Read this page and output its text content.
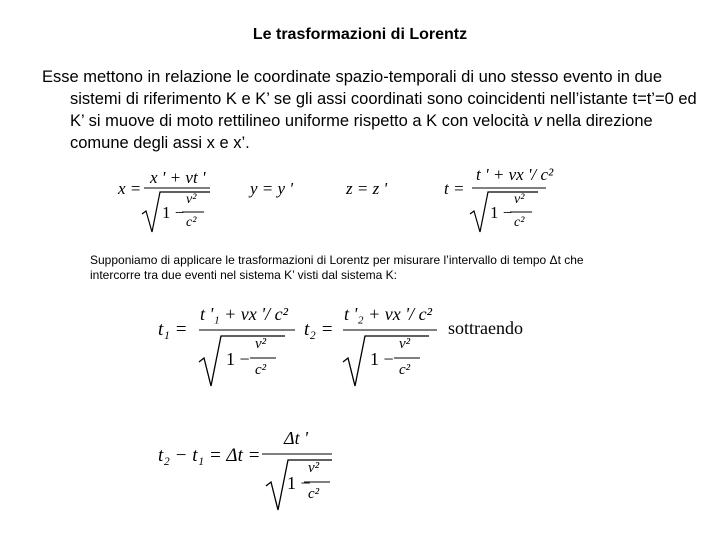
Le trasformazioni di Lorentz
Esse mettono in relazione le coordinate spazio-temporali di uno stesso evento in due sistemi di riferimento K e K’ se gli assi coordinati sono coincidenti nell’istante t=t’=0 ed K’ si muove di moto rettilineo uniforme rispetto a K con velocità v nella direzione comune degli assi x e x’.
x =
x ' + vt '
1 −
v²
c²
y = y '	z = z '	t =
t ' + vx '/ c²
1 −
v²
c²
Supponiamo di applicare le trasformazioni di Lorentz per misurare l’intervallo di tempo Δt che intercorre tra due eventi nel sistema K’ visti dal sistema K:
t₁ =
t '₁ + vx '/ c²
1 −
v²
c²
t₂ =
t '₂ + vx '/ c²
1 −
v²
c²
sottraendo
t₂ − t₁ = Δt =
Δt '
1 −
v²
c²
